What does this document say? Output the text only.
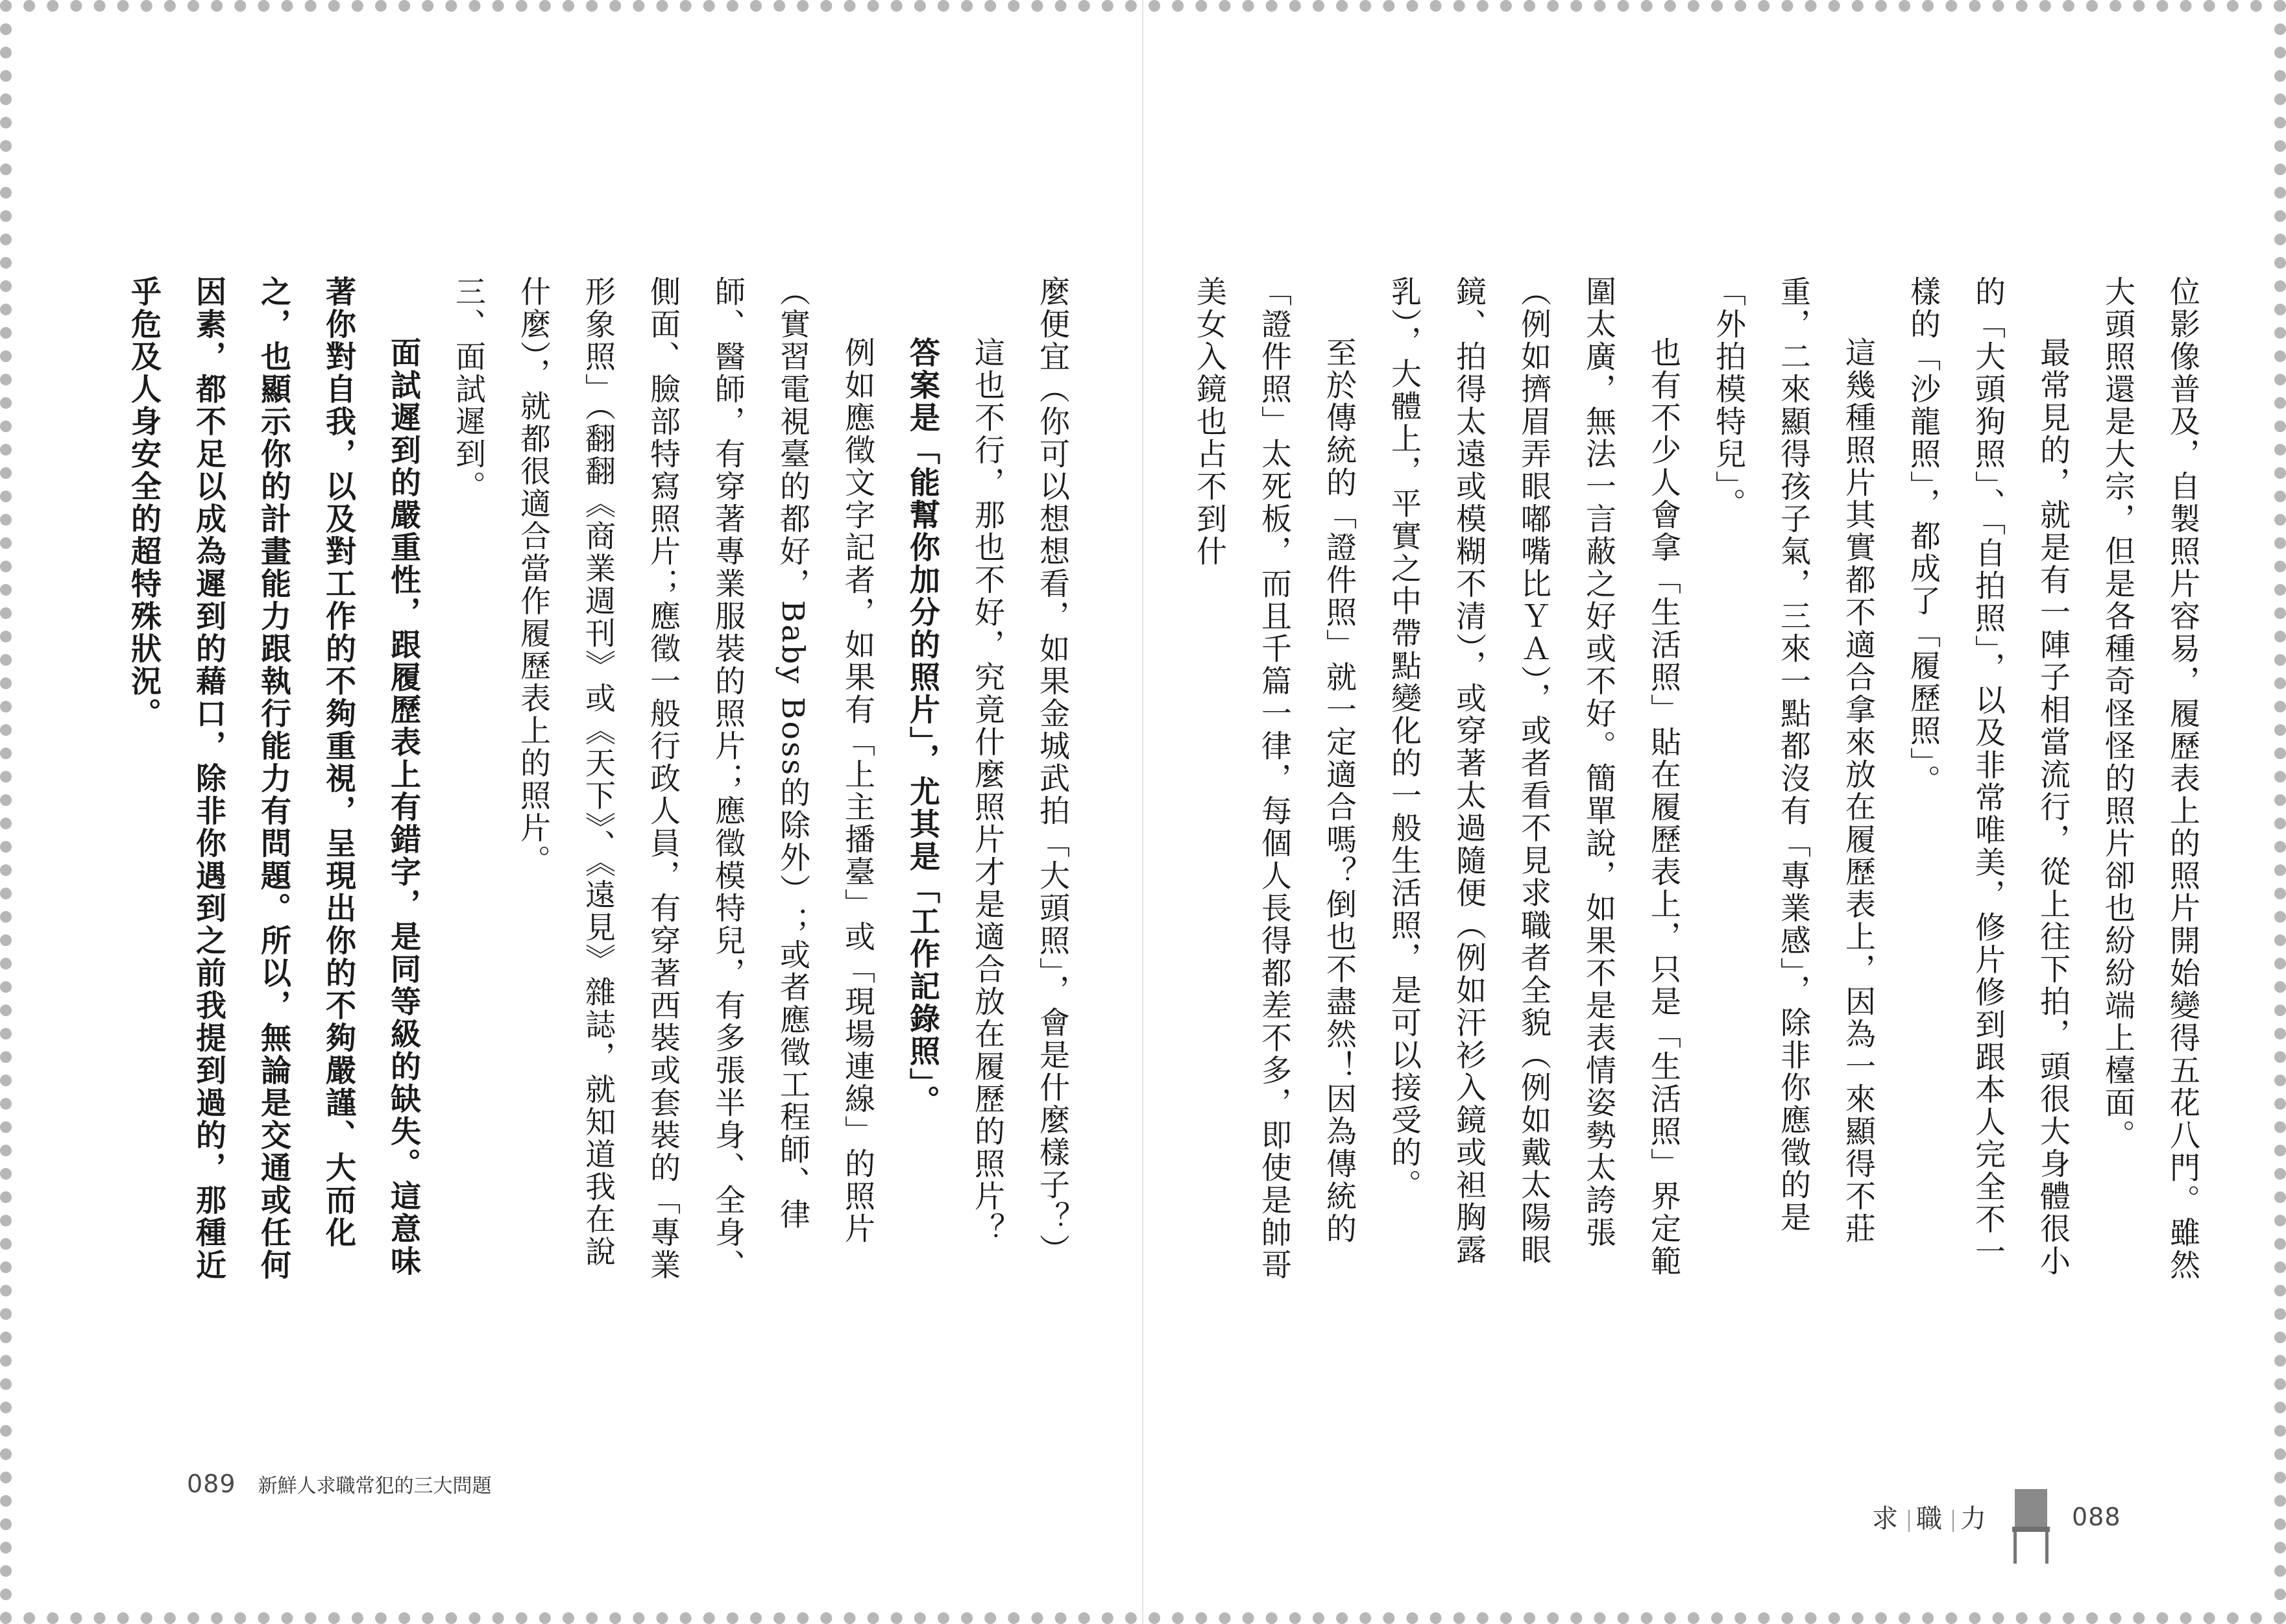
麼便宜（你可以想想看，如果金城武拍「大頭照」，會是什麼樣子？）

這也不行，那也不好，究竟什麼照片才是適合放在履歷的照片？

答案是「能幫你加分的照片」，尤其是「工作記錄照」。

例如應徵文字記者，如果有「上主播臺」或「現場連線」的照片（實習電視臺的都好，Baby Boss的除外）；或者應徵工程師、律師、醫師，有穿著專業服裝的照片；應徵模特兒，有多張半身、全身、側面、臉部特寫照片；應徵一般行政人員，有穿著西裝或套裝的「專業形象照」（翻翻《商業週刊》或《天下》、《遠見》雜誌，就知道我在說什麼），就都很適合當作履歷表上的照片。

三、面試遲到。

面試遲到的嚴重性，跟履歷表上有錯字，是同等級的缺失。這意味著你對自我，以及對工作的不夠重視，呈現出你的不夠嚴謹、大而化之，也顯示你的計畫能力跟執行能力有問題。所以，無論是交通或任何因素，都不足以成為遲到的藉口，除非你遇到之前我提到過的，那種近乎危及人身安全的超特殊狀況。

089 新鮮人求職常犯的三大問題

位影像普及，自製照片容易，履歷表上的照片開始變得五花八門。雖然大頭照還是大宗，但是各種奇怪怪的照片卻也紛紛端上檯面。

最常見的，就是有一陣子相當流行，從上往下拍，頭很大身體很小的「大頭狗照」、「自拍照」，以及非常唯美，修片修到跟本人完全不一樣的「沙龍照」，都成了「履歷照」。

這幾種照片其實都不適合拿來放在履歷表上，因為一來顯得不莊重，二來顯得孩子氣，三來一點都沒有「專業感」，除非你應徵的是「外拍模特兒」。

也有不少人會拿「生活照」貼在履歷表上，只是「生活照」界定範圍太廣，無法一言蔽之好或不好。簡單說，如果不是表情姿勢太誇張（例如擠眉弄眼嘟嘴比ＹＡ），或者看不見求職者全貌（例如戴太陽眼鏡、拍得太遠或模糊不清），或穿著太過隨便（例如汗衫入鏡或袒胸露乳），大體上，平實之中帶點變化的一般生活照，是可以接受的。

至於傳統的「證件照」就一定適合嗎？倒也不盡然！因為傳統的「證件照」太死板，而且千篇一律，每個人長得都差不多，即使是帥哥美女入鏡也占不到什

求 職 力	088
